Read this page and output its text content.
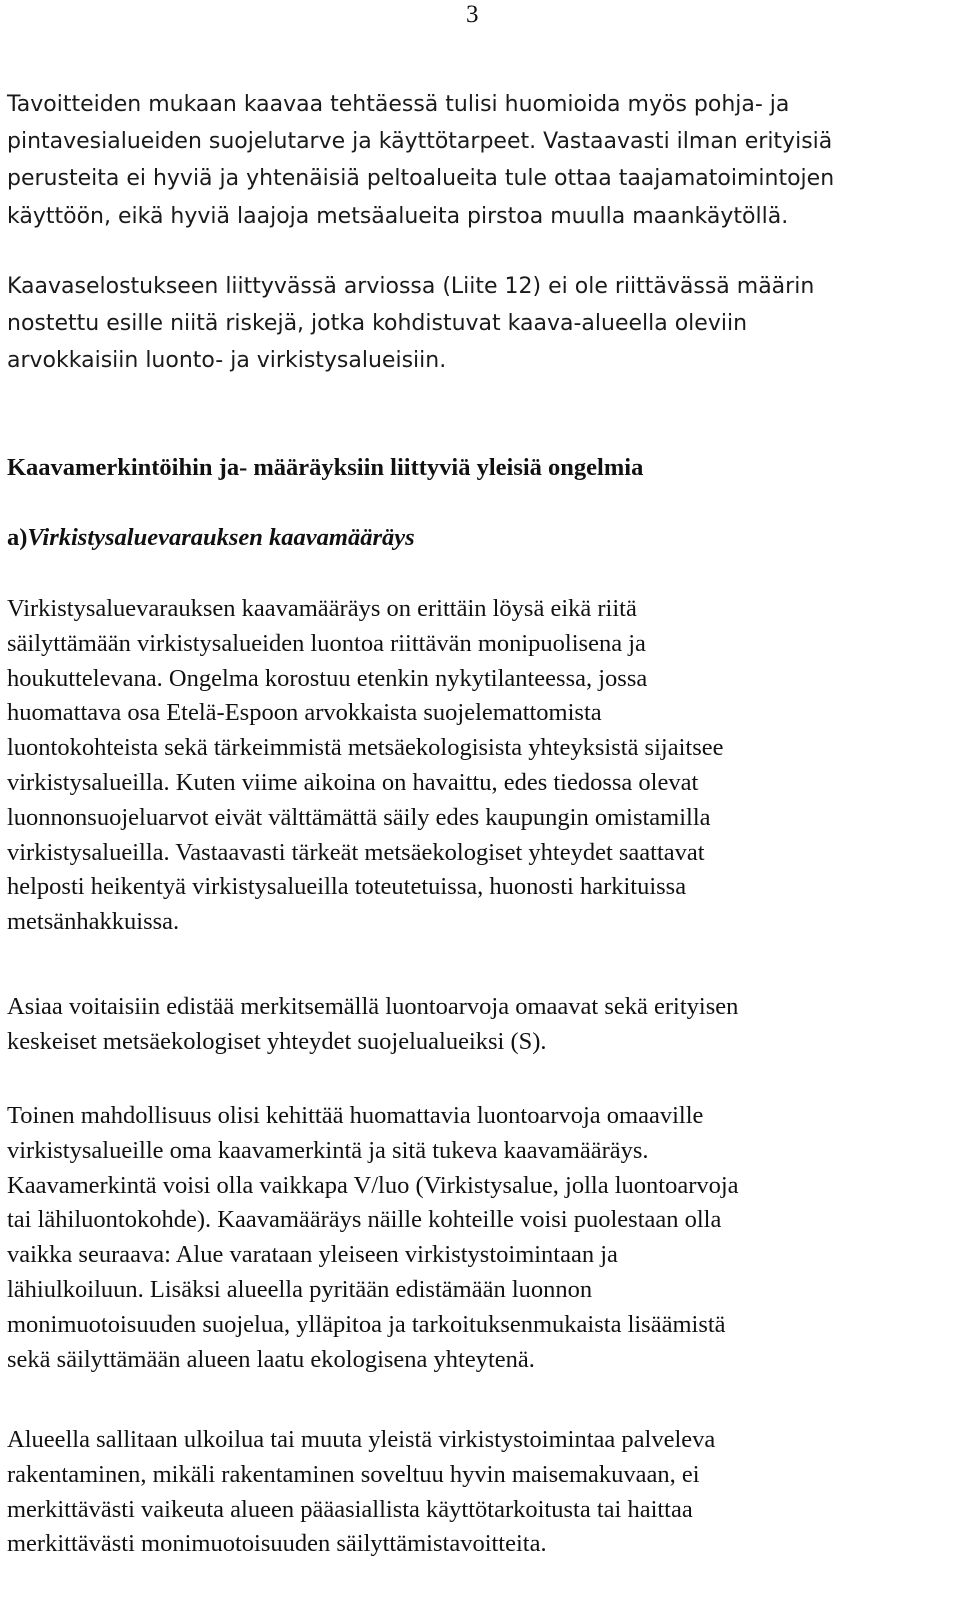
3

Tavoitteiden mukaan kaavaa tehtäessä tulisi huomioida myös pohja- ja
pintavesialueiden suojelutarve ja käyttötarpeet. Vastaavasti ilman erityisiä
perusteita ei hyviä ja yhtenäisiä peltoalueita tule ottaa taajamatoimintojen
käyttöön, eikä hyviä laajoja metsäalueita pirstoa muulla maankäytöllä.

Kaavaselostukseen liittyvässä arviossa (Liite 12) ei ole riittävässä määrin
nostettu esille niitä riskejä, jotka kohdistuvat kaava-alueella oleviin
arvokkaisiin luonto- ja virkistysalueisiin.

Kaavamerkintöihin ja- määräyksiin liittyviä yleisiä ongelmia
a)Virkistysaluevarauksen kaavamääräys

Virkistysaluevarauksen kaavamääräys on erittäin löysä eikä riitä
säilyttämään virkistysalueiden luontoa riittävän monipuolisena ja
houkuttelevana. Ongelma korostuu etenkin nykytilanteessa, jossa
huomattava osa Etelä-Espoon arvokkaista suojelemattomista
luontokohteista sekä tärkeimmistä metsäekologisista yhteyksistä sijaitsee
virkistysalueilla. Kuten viime aikoina on havaittu, edes tiedossa olevat
luonnonsuojeluarvot eivät välttämättä säily edes kaupungin omistamilla
virkistysalueilla. Vastaavasti tärkeät metsäekologiset yhteydet saattavat
helposti heikentyä virkistysalueilla toteutetuissa, huonosti harkituissa
metsänhakkuissa.

Asiaa voitaisiin edistää merkitsemällä luontoarvoja omaavat sekä erityisen
keskeiset metsäekologiset yhteydet suojelualueiksi (S).

Toinen mahdollisuus olisi kehittää huomattavia luontoarvoja omaaville
virkistysalueille oma kaavamerkintä ja sitä tukeva kaavamääräys.
Kaavamerkintä voisi olla vaikkapa V/luo (Virkistysalue, jolla luontoarvoja
tai lähiluontokohde). Kaavamääräys näille kohteille voisi puolestaan olla
vaikka seuraava: Alue varataan yleiseen virkistystoimintaan ja
lähiulkoiluun. Lisäksi alueella pyritään edistämään luonnon
monimuotoisuuden suojelua, ylläpitoa ja tarkoituksenmukaista lisäämistä
sekä säilyttämään alueen laatu ekologisena yhteytenä.

Alueella sallitaan ulkoilua tai muuta yleistä virkistystoimintaa palveleva
rakentaminen, mikäli rakentaminen soveltuu hyvin maisemakuvaan, ei
merkittävästi vaikeuta alueen pääasiallista käyttötarkoitusta tai haittaa
merkittävästi monimuotoisuuden säilyttämistavoitteita.
